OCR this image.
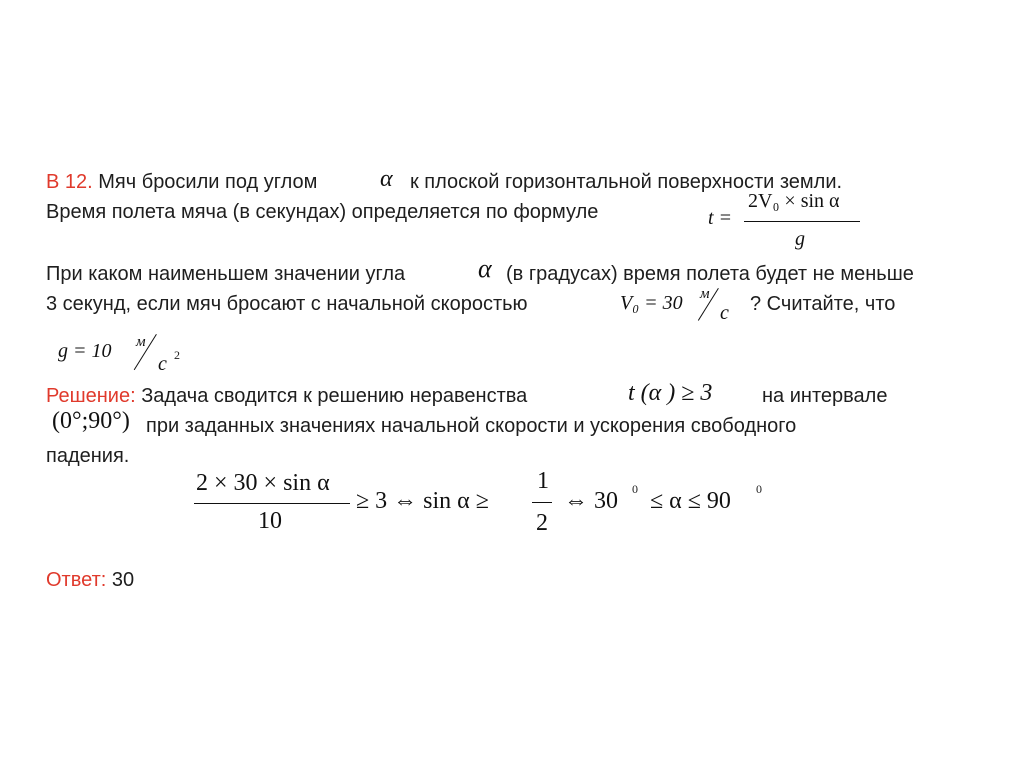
В 12. Мяч бросили под углом	α к плоской горизонтальной поверхности земли.
Время полета мяча (в секундах) определяется по формуле	t =
2V₀ × sin α
g
При каком наименьшем значении угла	α (в градусах) время полета будет не меньше
3 секунд, если мяч бросают с начальной скоростью	V₀ = 30 м
с ? Считайте, что
g = 10 м
c 2
Решение: Задача сводится к решению неравенства	t (α ) ≥ 3 на интервале
(0°;90°) при заданных значениях начальной скорости и ускорения свободного
падения.
2 × 30 × sin α
10
≥ 3 ⇔ sin α ≥
1
2
⇔ 30 0 ≤ α ≤ 90 0
Ответ: 30
